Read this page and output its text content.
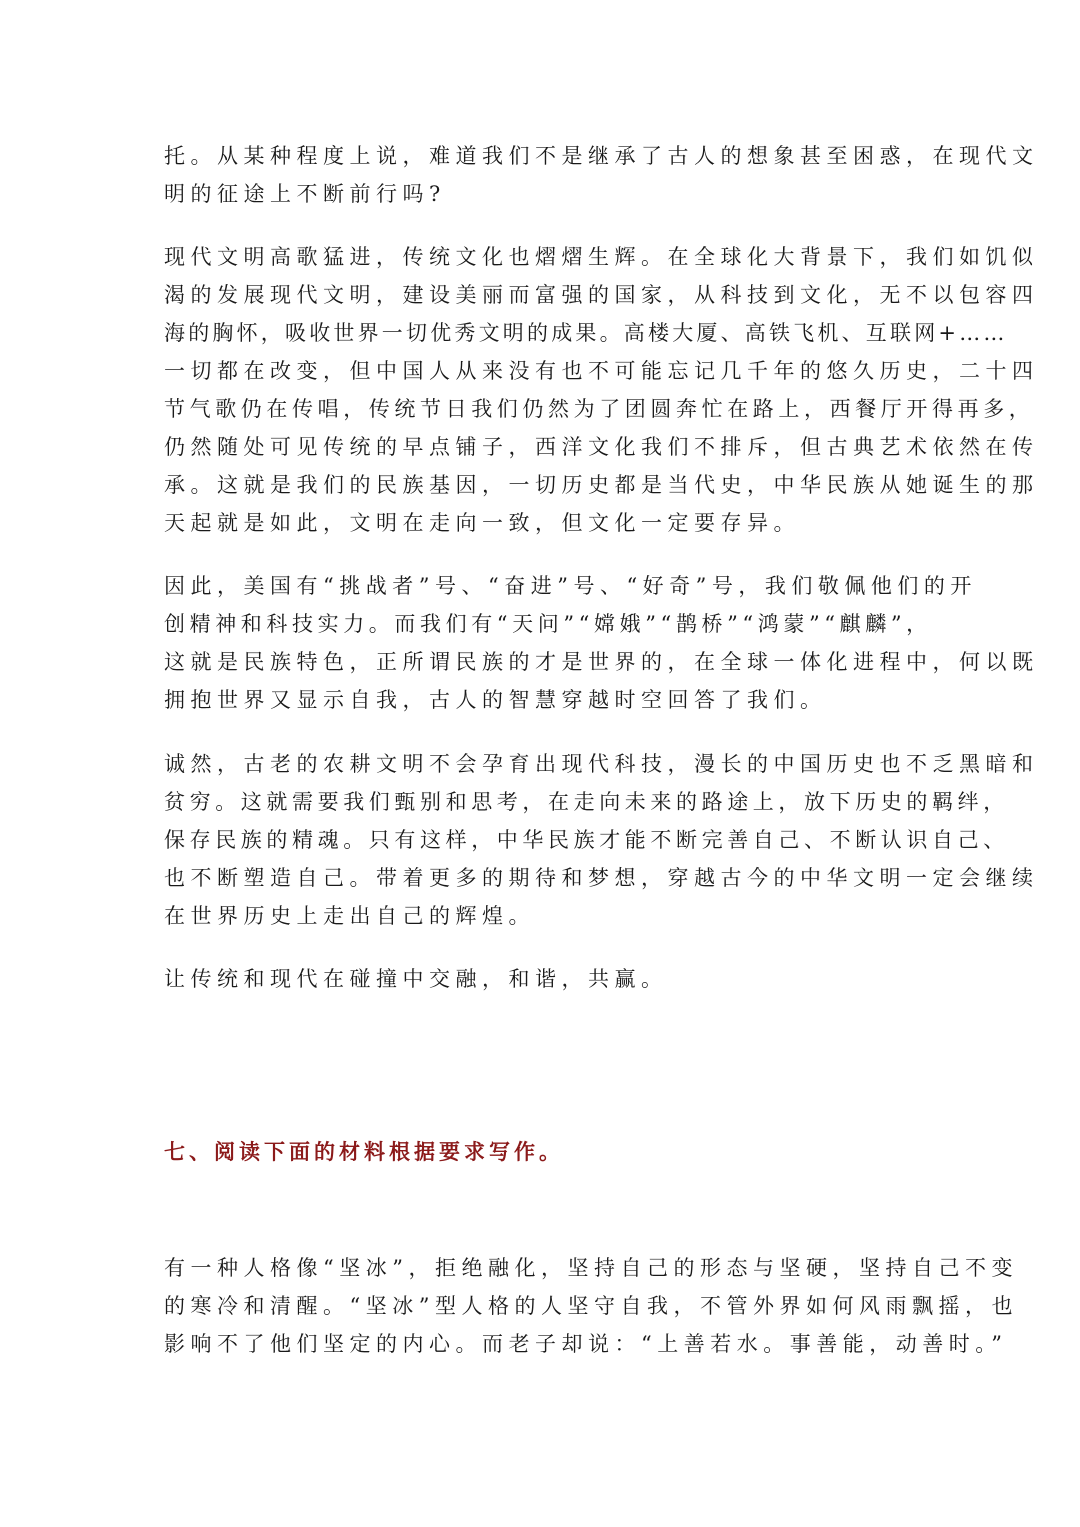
托。从某种程度上说，难道我们不是继承了古人的想象甚至困惑，在现代文
明的征途上不断前行吗?
现代文明高歌猛进，传统文化也熠熠生辉。在全球化大背景下，我们如饥似
渴的发展现代文明，建设美丽而富强的国家，从科技到文化，无不以包容四
海的胸怀，吸收世界一切优秀文明的成果。高楼大厦、高铁飞机、互联网+……
一切都在改变，但中国人从来没有也不可能忘记几千年的悠久历史，二十四
节气歌仍在传唱，传统节日我们仍然为了团圆奔忙在路上，西餐厅开得再多，
仍然随处可见传统的早点铺子，西洋文化我们不排斥，但古典艺术依然在传
承。这就是我们的民族基因，一切历史都是当代史，中华民族从她诞生的那
天起就是如此，文明在走向一致，但文化一定要存异。
因此，美国有“挑战者”号、“奋进”号、“好奇”号，我们敬佩他们的开
创精神和科技实力。而我们有“天问”“嫦娥”“鹊桥”“鸿蒙”“麒麟”，
这就是民族特色，正所谓民族的才是世界的，在全球一体化进程中，何以既
拥抱世界又显示自我，古人的智慧穿越时空回答了我们。
诚然，古老的农耕文明不会孕育出现代科技，漫长的中国历史也不乏黑暗和
贫穷。这就需要我们甄别和思考，在走向未来的路途上，放下历史的羁绊，
保存民族的精魂。只有这样，中华民族才能不断完善自己、不断认识自己、
也不断塑造自己。带着更多的期待和梦想，穿越古今的中华文明一定会继续
在世界历史上走出自己的辉煌。
让传统和现代在碰撞中交融，和谐，共赢。
七、阅读下面的材料根据要求写作。
有一种人格像“坚冰”，拒绝融化，坚持自己的形态与坚硬，坚持自己不变
的寒冷和清醒。“坚冰”型人格的人坚守自我，不管外界如何风雨飘摇，也
影响不了他们坚定的内心。而老子却说：“上善若水。事善能，动善时。”
